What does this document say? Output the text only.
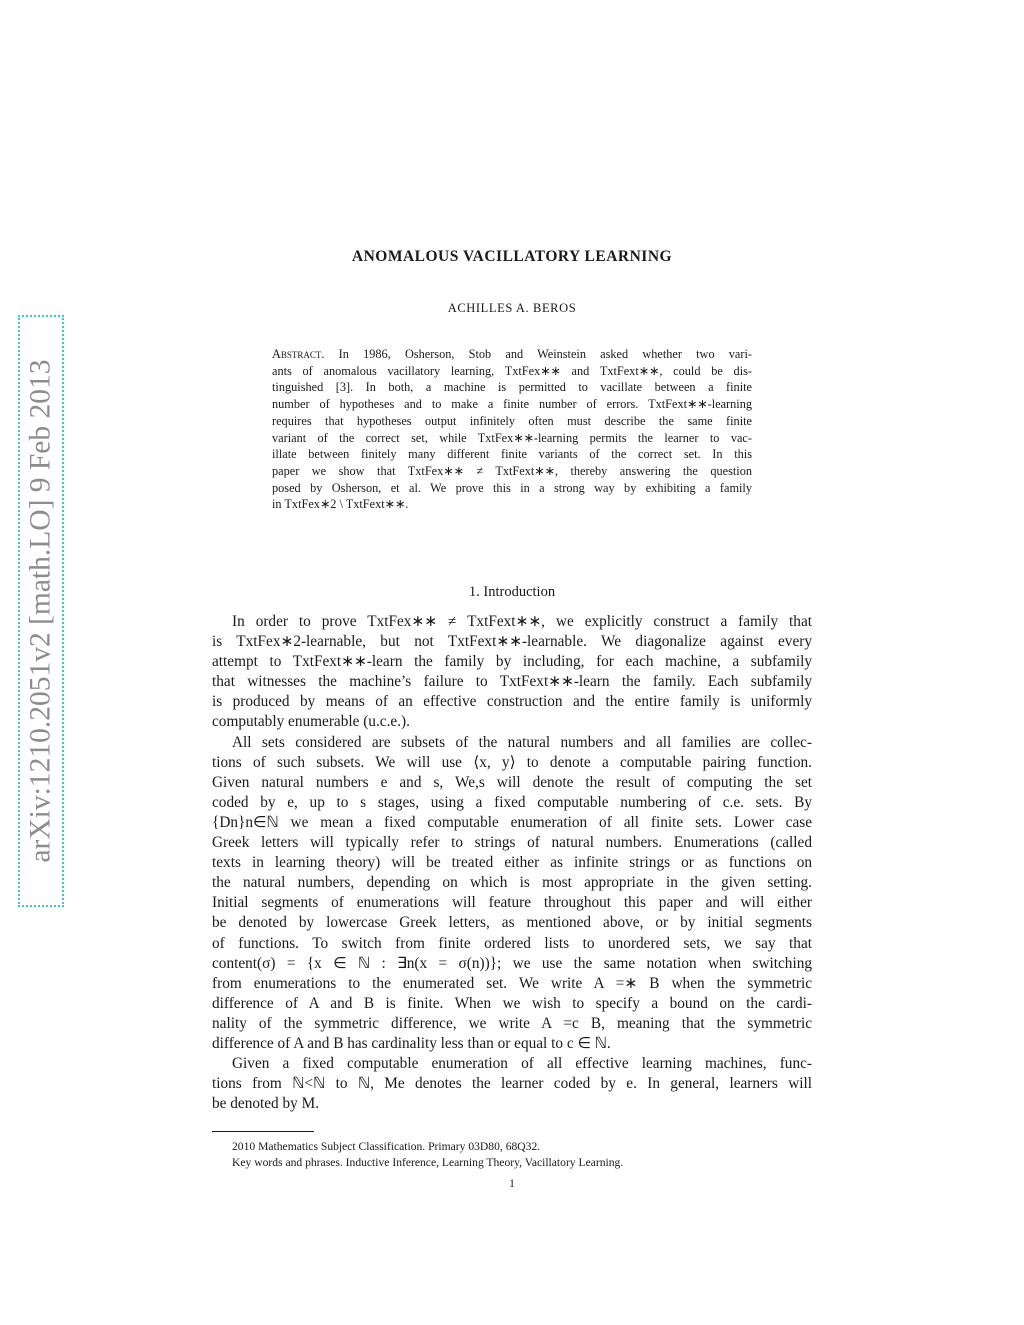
arXiv:1210.2051v2 [math.LO] 9 Feb 2013
ANOMALOUS VACILLATORY LEARNING
ACHILLES A. BEROS
Abstract. In 1986, Osherson, Stob and Weinstein asked whether two vari-
ants of anomalous vacillatory learning, TxtFex∗∗ and TxtFext∗∗, could be dis-
tinguished [3]. In both, a machine is permitted to vacillate between a finite
number of hypotheses and to make a finite number of errors. TxtFext∗∗-learning
requires that hypotheses output infinitely often must describe the same finite
variant of the correct set, while TxtFex∗∗-learning permits the learner to vac-
illate between finitely many different finite variants of the correct set. In this
paper we show that TxtFex∗∗ ≠ TxtFext∗∗, thereby answering the question
posed by Osherson, et al. We prove this in a strong way by exhibiting a family
in TxtFex∗2 \ TxtFext∗∗.
1. Introduction
In order to prove TxtFex∗∗ ≠ TxtFext∗∗, we explicitly construct a family that
is TxtFex∗2-learnable, but not TxtFext∗∗-learnable. We diagonalize against every
attempt to TxtFext∗∗-learn the family by including, for each machine, a subfamily
that witnesses the machine’s failure to TxtFext∗∗-learn the family. Each subfamily
is produced by means of an effective construction and the entire family is uniformly
computably enumerable (u.c.e.).
All sets considered are subsets of the natural numbers and all families are collec-
tions of such subsets. We will use ⟨x, y⟩ to denote a computable pairing function.
Given natural numbers e and s, We,s will denote the result of computing the set
coded by e, up to s stages, using a fixed computable numbering of c.e. sets. By
{Dn}n∈ℕ we mean a fixed computable enumeration of all finite sets. Lower case
Greek letters will typically refer to strings of natural numbers. Enumerations (called
texts in learning theory) will be treated either as infinite strings or as functions on
the natural numbers, depending on which is most appropriate in the given setting.
Initial segments of enumerations will feature throughout this paper and will either
be denoted by lowercase Greek letters, as mentioned above, or by initial segments
of functions. To switch from finite ordered lists to unordered sets, we say that
content(σ) = {x ∈ ℕ : ∃n(x = σ(n))}; we use the same notation when switching
from enumerations to the enumerated set. We write A =∗ B when the symmetric
difference of A and B is finite. When we wish to specify a bound on the cardi-
nality of the symmetric difference, we write A =c B, meaning that the symmetric
difference of A and B has cardinality less than or equal to c ∈ ℕ.
Given a fixed computable enumeration of all effective learning machines, func-
tions from ℕ<ℕ to ℕ, Me denotes the learner coded by e. In general, learners will
be denoted by M.
2010 Mathematics Subject Classification. Primary 03D80, 68Q32.
Key words and phrases. Inductive Inference, Learning Theory, Vacillatory Learning.
1
